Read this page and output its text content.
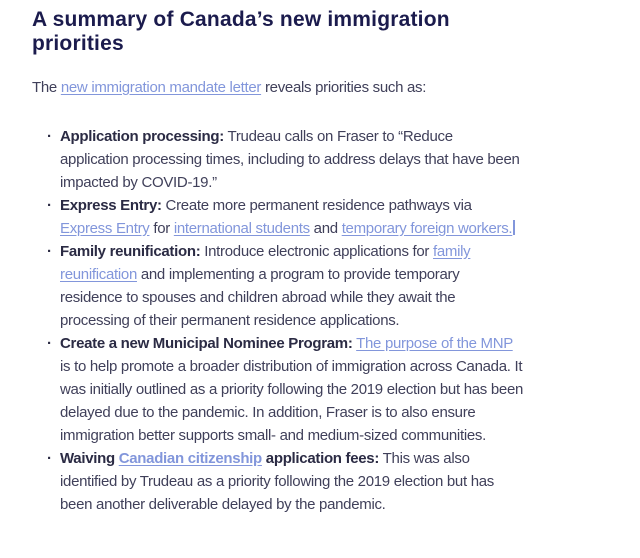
A summary of Canada’s new immigration priorities

The new immigration mandate letter reveals priorities such as:

· Application processing: Trudeau calls on Fraser to “Reduce application processing times, including to address delays that have been impacted by COVID-19.”
· Express Entry: Create more permanent residence pathways via Express Entry for international students and temporary foreign workers.
· Family reunification: Introduce electronic applications for family reunification and implementing a program to provide temporary residence to spouses and children abroad while they await the processing of their permanent residence applications.
· Create a new Municipal Nominee Program: The purpose of the MNP is to help promote a broader distribution of immigration across Canada. It was initially outlined as a priority following the 2019 election but has been delayed due to the pandemic. In addition, Fraser is to also ensure immigration better supports small- and medium-sized communities.
· Waiving Canadian citizenship application fees: This was also identified by Trudeau as a priority following the 2019 election but has been another deliverable delayed by the pandemic.
